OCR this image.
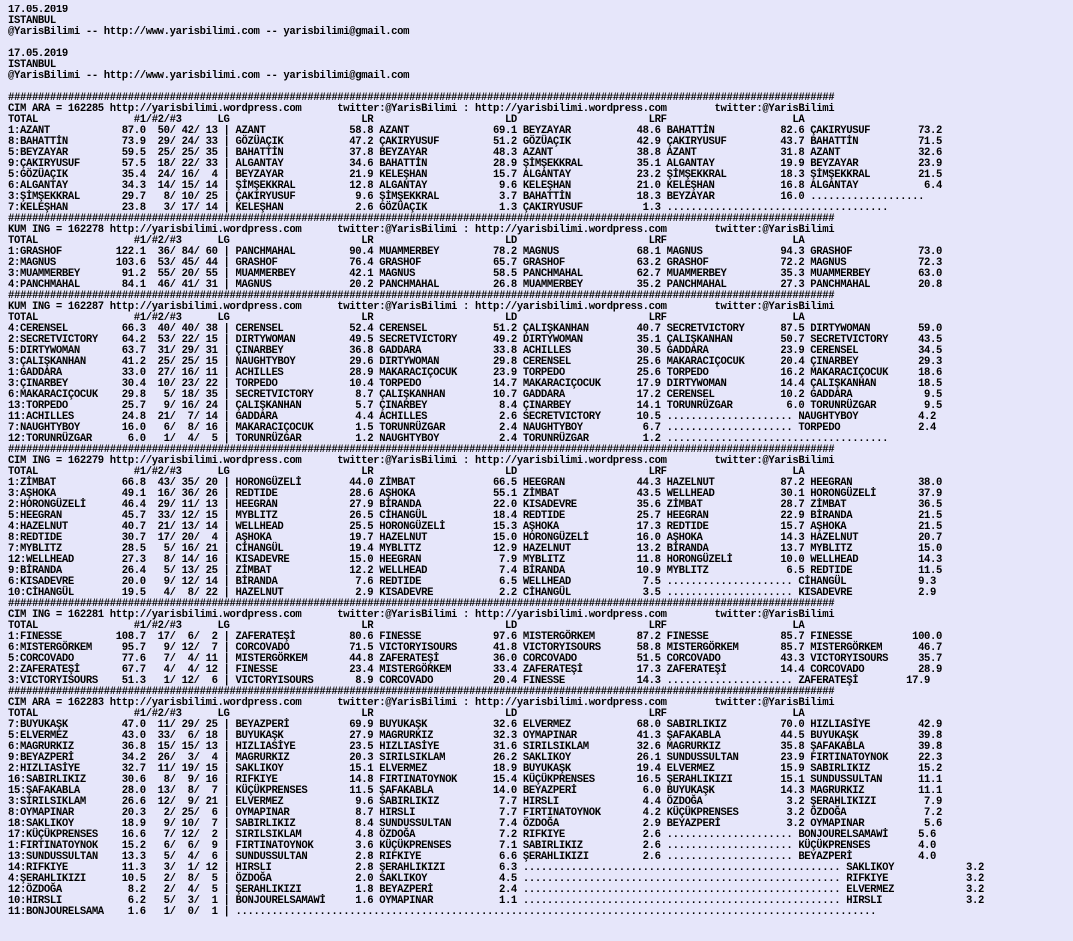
17.05.2019
ISTANBUL
@YarisBilimi -- http://www.yarisbilimi.com -- yarisbilimi@gmail.com
17.05.2019
ISTANBUL
@YarisBilimi -- http://www.yarisbilimi.com -- yarisbilimi@gmail.com
##########################################################################################################################################
CIM ARA = 162285 http://yarisbilimi.wordpress.com      twitter:@YarisBilimi : http://yarisbilimi.wordpress.com        twitter:@YarisBilimi
TOTAL                #1/#2/#3      LG                      LR                      LD                      LRF                     LA
1:AZANT            87.0  50/ 42/ 13 | AZANT              58.8 AZANT              69.1 BEYZAYAR           48.6 BAHATTİN           82.6 ÇAKIRYUSUF        73.2
8:BAHATTİN         73.9  29/ 24/ 33 | GÖZÜAÇIK           47.2 ÇAKIRYUSUF         51.2 GÖZÜAÇIK           42.9 ÇAKIRYUSUF         43.7 BAHATTİN          71.5
5:BEYZAYAR         59.5  25/ 25/ 35 | BAHATTİN           37.8 BEYZAYAR           48.3 AZANT              38.8 AZANT              31.8 AZANT             32.6
9:ÇAKIRYUSUF       57.5  18/ 22/ 33 | ALGANTAY           34.6 BAHATTİN           28.9 ŞİMŞEKKRAL         35.1 ALGANTAY           19.9 BEYZAYAR          23.9
5:GÖZÜAÇIK         35.4  24/ 16/  4 | BEYZAYAR           21.9 KELEŞHAN           15.7 ALGANTAY           23.2 ŞİMŞEKKRAL         18.3 ŞİMŞEKKRAL        21.5
6:ALGANTAY         34.3  14/ 15/ 14 | ŞİMŞEKKRAL         12.8 ALGANTAY            9.6 KELEŞHAN           21.0 KELEŞHAN           16.8 ALGANTAY           6.4
3:ŞİMŞEKKRAL       29.7   8/ 10/ 25 | ÇAKIRYUSUF          9.6 ŞİMŞEKKRAL          3.7 BAHATTİN           18.3 BEYZAYAR           16.0 ...................
7:KELEŞHAN         23.8   3/ 17/ 14 | KELEŞHAN            2.6 GÖZÜAÇIK            1.3 ÇAKIRYUSUF          1.3 .....................................
##########################################################################################################################################
KUM ING = 162278 http://yarisbilimi.wordpress.com      twitter:@YarisBilimi : http://yarisbilimi.wordpress.com        twitter:@YarisBilimi
TOTAL                #1/#2/#3      LG                      LR                      LD                      LRF                     LA
1:GRASHOF         122.1  36/ 84/ 60 | PANCHMAHAL         90.4 MUAMMERBEY         78.2 MAGNUS             68.1 MAGNUS             94.3 GRASHOF           73.0
2:MAGNUS          103.6  53/ 45/ 44 | GRASHOF            76.4 GRASHOF            65.7 GRASHOF            63.2 GRASHOF            72.2 MAGNUS            72.3
3:MUAMMERBEY       91.2  55/ 20/ 55 | MUAMMERBEY         42.1 MAGNUS             58.5 PANCHMAHAL         62.7 MUAMMERBEY         35.3 MUAMMERBEY        63.0
4:PANCHMAHAL       84.1  46/ 41/ 31 | MAGNUS             20.2 PANCHMAHAL         26.8 MUAMMERBEY         35.2 PANCHMAHAL         27.3 PANCHMAHAL        20.8
##########################################################################################################################################
KUM ING = 162287 http://yarisbilimi.wordpress.com      twitter:@YarisBilimi : http://yarisbilimi.wordpress.com        twitter:@YarisBilimi
TOTAL                #1/#2/#3      LG                      LR                      LD                      LRF                     LA
4:CERENSEL         66.3  40/ 40/ 38 | CERENSEL           52.4 CERENSEL           51.2 ÇALIŞKANHAN        40.7 SECRETVICTORY      87.5 DIRTYWOMAN        59.0
2:SECRETVICTORY    64.2  53/ 22/ 15 | DIRTYWOMAN         49.5 SECRETVICTORY      49.2 DIRTYWOMAN         35.1 ÇALIŞKANHAN        50.7 SECRETVICTORY     43.5
5:DIRTYWOMAN       63.7  31/ 29/ 31 | ÇINARBEY           36.8 GADDARA            33.8 ACHILLES           30.5 GADDARA            23.9 CERENSEL          34.5
3:ÇALIŞKANHAN      41.2  25/ 25/ 15 | NAUGHTYBOY         29.6 DIRTYWOMAN         29.8 CERENSEL           25.6 MAKARACIÇOCUK      20.4 ÇINARBEY          29.3
1:GADDARA          33.0  27/ 16/ 11 | ACHILLES           28.9 MAKARACIÇOCUK      23.9 TORPEDO            25.6 TORPEDO            16.2 MAKARACIÇOCUK     18.6
3:ÇINARBEY         30.4  10/ 23/ 22 | TORPEDO            10.4 TORPEDO            14.7 MAKARACIÇOCUK      17.9 DIRTYWOMAN         14.4 ÇALIŞKANHAN       18.5
6:MAKARACIÇOCUK    29.8   5/ 18/ 35 | SECRETVICTORY       8.7 ÇALIŞKANHAN        10.7 GADDARA            17.2 CERENSEL           10.2 GADDARA            9.5
13:TORPEDO         25.7   9/ 16/ 24 | ÇALIŞKANHAN         5.7 ÇINARBEY            8.4 ÇINARBEY           14.1 TORUNRÜZGAR         6.0 TORUNRÜZGAR        9.5
11:ACHILLES        24.8  21/  7/ 14 | GADDARA             4.4 ACHILLES            2.6 SECRETVICTORY      10.5 ..................... NAUGHTYBOY          4.2
7:NAUGHTYBOY       16.0   6/  8/ 16 | MAKARACIÇOCUK       1.5 TORUNRÜZGAR         2.4 NAUGHTYBOY          6.7 ..................... TORPEDO             2.4
12:TORUNRÜZGAR      6.0   1/  4/  5 | TORUNRÜZGAR         1.2 NAUGHTYBOY          2.4 TORUNRÜZGAR         1.2 .....................................
##########################################################################################################################################
CIM ING = 162279 http://yarisbilimi.wordpress.com      twitter:@YarisBilimi : http://yarisbilimi.wordpress.com        twitter:@YarisBilimi
TOTAL                #1/#2/#3      LG                      LR                      LD                      LRF                     LA
1:ZİMBAT           66.8  43/ 35/ 20 | HORONGÜZELİ        44.0 ZİMBAT             66.5 HEEGRAN            44.3 HAZELNUT           87.2 HEEGRAN           38.0
3:AŞHOKA           49.1  16/ 36/ 26 | REDTIDE            28.6 AŞHOKA             55.1 ZİMBAT             43.5 WELLHEAD           30.1 HORONGÜZELİ       37.9
2:HORONGÜZELİ      46.4  29/ 11/ 13 | HEEGRAN            27.9 BİRANDA            22.0 KISADEVRE          35.6 ZİMBAT             28.7 ZİMBAT            36.5
5:HEEGRAN          45.7  33/ 12/ 15 | MYBLITZ            26.5 CİHANGÜL           18.4 REDTIDE            25.7 HEEGRAN            22.9 BİRANDA           21.5
4:HAZELNUT         40.7  21/ 13/ 14 | WELLHEAD           25.5 HORONGÜZELİ        15.3 AŞHOKA             17.3 REDTIDE            15.7 AŞHOKA            21.5
8:REDTIDE          30.7  17/ 20/  4 | AŞHOKA             19.7 HAZELNUT           15.0 HORONGÜZELİ        16.0 AŞHOKA             14.3 HAZELNUT          20.7
7:MYBLITZ          28.5   5/ 16/ 21 | CİHANGÜL           19.4 MYBLITZ            12.9 HAZELNUT           13.2 BİRANDA            13.7 MYBLITZ           15.0
12:WELLHEAD        27.3   8/ 14/ 16 | KISADEVRE          15.0 HEEGRAN             7.9 MYBLITZ            11.8 HORONGÜZELİ        10.0 WELLHEAD          14.3
9:BİRANDA          26.4   5/ 13/ 25 | ZİMBAT             12.2 WELLHEAD            7.4 BİRANDA            10.9 MYBLITZ             6.5 REDTIDE           11.5
6:KISADEVRE        20.0   9/ 12/ 14 | BİRANDA             7.6 REDTIDE             6.5 WELLHEAD            7.5 ..................... CİHANGÜL            9.3
10:CİHANGÜL        19.5   4/  8/ 22 | HAZELNUT            2.9 KISADEVRE           2.2 CİHANGÜL            3.5 ..................... KISADEVRE           2.9
##########################################################################################################################################
CIM ING = 162281 http://yarisbilimi.wordpress.com      twitter:@YarisBilimi : http://yarisbilimi.wordpress.com        twitter:@YarisBilimi
TOTAL                #1/#2/#3      LG                      LR                      LD                      LRF                     LA
1:FINESSE         108.7  17/  6/  2 | ZAFERATEŞİ         80.6 FINESSE            97.6 MISTERGÖRKEM       87.2 FINESSE            85.7 FINESSE          100.0
6:MISTERGÖRKEM     95.7   9/ 12/  7 | CORCOVADO          71.5 VICTORYISOURS      41.8 VICTORYISOURS      58.8 MISTERGÖRKEM       85.7 MISTERGÖRKEM      46.7
5:CORCOVADO        77.6   7/  4/ 11 | MISTERGÖRKEM       44.8 ZAFERATEŞİ         36.0 CORCOVADO          51.5 CORCOVADO          43.3 VICTORYISOURS     35.7
2:ZAFERATEŞİ       67.7   4/  4/ 12 | FINESSE            23.4 MISTERGÖRKEM       33.4 ZAFERATEŞİ         17.3 ZAFERATEŞİ         14.4 CORCOVADO         28.9
3:VICTORYISOURS    51.3   1/ 12/  6 | VICTORYISOURS       8.9 CORCOVADO          20.4 FINESSE            14.3 ..................... ZAFERATEŞİ        17.9
##########################################################################################################################################
CIM ARA = 162283 http://yarisbilimi.wordpress.com      twitter:@YarisBilimi : http://yarisbilimi.wordpress.com        twitter:@YarisBilimi
TOTAL                #1/#2/#3      LG                      LR                      LD                      LRF                     LA
7:BUYUKAŞK         47.0  11/ 29/ 25 | BEYAZPERİ          69.9 BUYUKAŞK           32.6 ELVERMEZ           68.0 SABIRLIKIZ         70.0 HIZLIASİYE        42.9
5:ELVERMEZ         43.0  33/  6/ 18 | BUYUKAŞK           27.9 MAGRURKIZ          32.3 OYMAPINAR          41.3 ŞAFAKABLA          44.5 BUYUKAŞK          39.8
6:MAGRURKIZ        36.8  15/ 15/ 13 | HIZLIASİYE         23.5 HIZLIASİYE         31.6 SIRILSIKLAM        32.6 MAGRURKIZ          35.8 ŞAFAKABLA         39.8
9:BEYAZPERİ        34.2  26/  3/  4 | MAGRURKIZ          20.3 SIRILSIKLAM        26.2 SAKLIKOY           26.1 SUNDUSSULTAN       23.9 FIRTINATOYNOK     22.3
2:HIZLIASİYE       32.7  11/ 19/ 15 | SAKLIKOY           15.1 ELVERMEZ           18.9 BUYUKAŞK           19.4 ELVERMEZ           15.9 SABIRLIKIZ        15.2
16:SABIRLIKIZ      30.6   8/  9/ 16 | RIFKIYE            14.8 FIRTINATOYNOK      15.4 KÜÇÜKPRENSES       16.5 ŞERAHLIKIZI        15.1 SUNDUSSULTAN      11.1
15:ŞAFAKABLA       28.0  13/  8/  7 | KÜÇÜKPRENSES       11.5 ŞAFAKABLA          14.0 BEYAZPERİ           6.0 BUYUKAŞK           14.3 MAGRURKIZ         11.1
3:SIRILSIKLAM      26.6  12/  9/ 21 | ELVERMEZ            9.6 SABIRLIKIZ          7.7 HIRSLI              4.4 ÖZDOĞA              3.2 ŞERAHLIKIZI        7.9
8:OYMAPINAR        20.3   2/ 25/  6 | OYMAPINAR           8.7 HIRSLI              7.7 FIRTINATOYNOK       4.2 KÜÇÜKPRENSES        3.2 ÖZDOĞA             7.2
18:SAKLIKOY        18.9   9/ 10/  7 | SABIRLIKIZ          8.4 SUNDUSSULTAN        7.4 ÖZDOĞA              2.9 BEYAZPERİ           3.2 OYMAPINAR          5.6
17:KÜÇÜKPRENSES    16.6   7/ 12/  2 | SIRILSIKLAM         4.8 ÖZDOĞA              7.2 RIFKIYE             2.6 ..................... BONJOURELSAMAWİ     5.6
1:FIRTINATOYNOK    15.2   6/  6/  9 | FIRTINATOYNOK       3.6 KÜÇÜKPRENSES        7.1 SABIRLIKIZ          2.6 ..................... KÜÇÜKPRENSES        4.0
13:SUNDUSSULTAN    13.3   5/  4/  6 | SUNDUSSULTAN        2.8 RIFKIYE             6.6 ŞERAHLIKIZI         2.6 ..................... BEYAZPERİ           4.0
14:RIFKIYE         11.3   3/  1/ 12 | HIRSLI              2.8 ŞERAHLIKIZI         6.3 ..................................................... SAKLIKOY            3.2
4:ŞERAHLIKIZI      10.5   2/  8/  5 | ÖZDOĞA              2.0 SAKLIKOY            4.5 ..................................................... RIFKIYE             3.2
12:ÖZDOĞA           8.2   2/  4/  5 | ŞERAHLIKIZI         1.8 BEYAZPERİ           2.4 ..................................................... ELVERMEZ            3.2
10:HIRSLI           6.2   5/  3/  1 | BONJOURELSAMAWİ     1.6 OYMAPINAR           1.1 ..................................................... HIRSLI              3.2
11:BONJOURELSAMA    1.6   1/  0/  1 | ...........................................................................................................
